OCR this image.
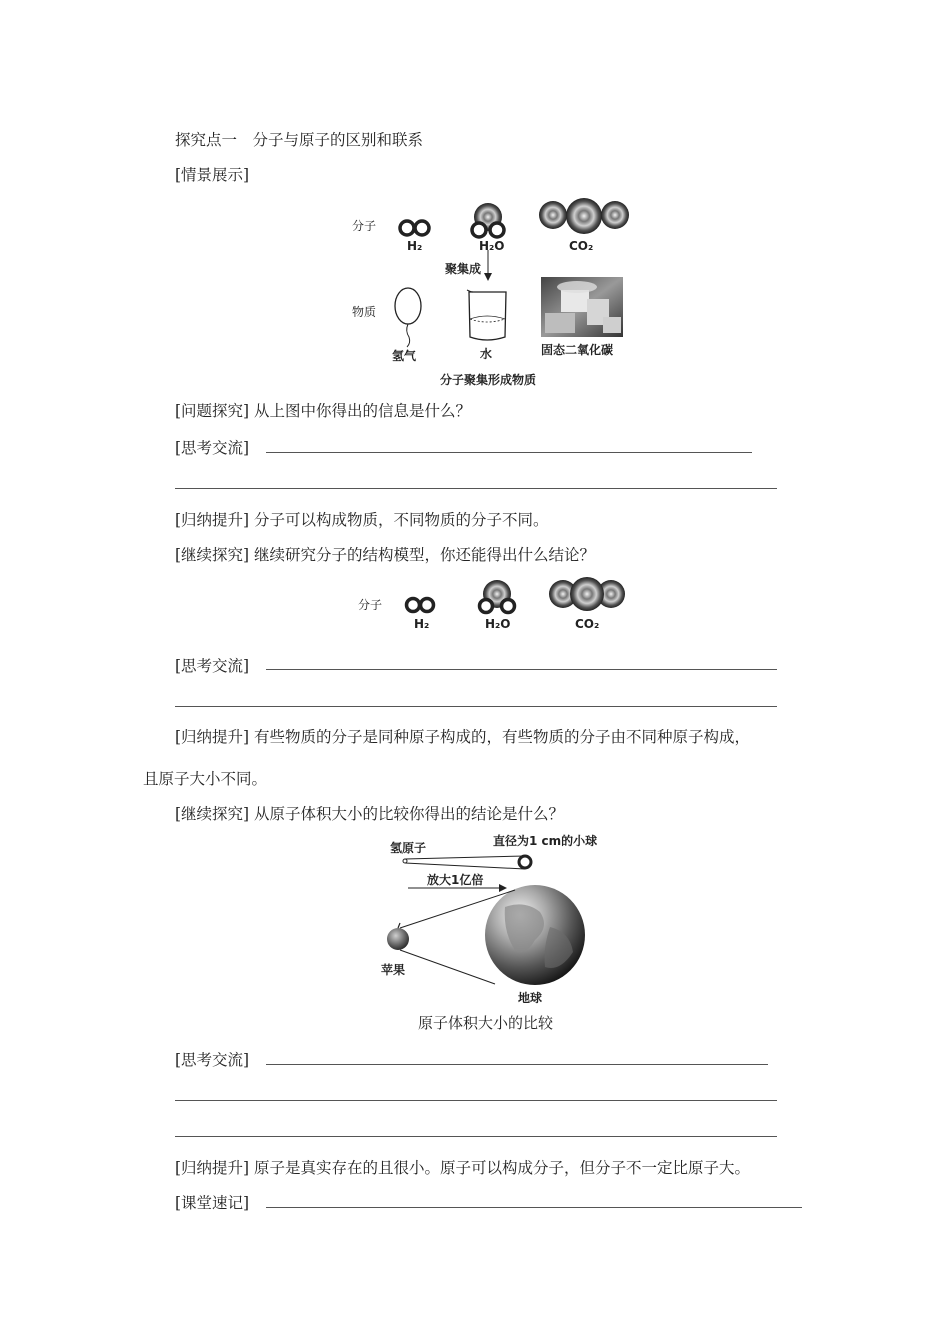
探究点一　分子与原子的区别和联系
[情景展示]
分子
H₂	H₂O	CO₂
聚集成
物质
氢气	水	固态二氧化碳
分子聚集形成物质
[问题探究] 从上图中你得出的信息是什么？
[思考交流]
[归纳提升] 分子可以构成物质，不同物质的分子不同。
[继续探究] 继续研究分子的结构模型，你还能得出什么结论？
分子
H₂	H₂O	CO₂
[思考交流]
[归纳提升] 有些物质的分子是同种原子构成的，有些物质的分子由不同种原子构成，
且原子大小不同。
[继续探究] 从原子体积大小的比较你得出的结论是什么？
氢原子	直径为1 cm的小球
放大1亿倍
苹果
地球
原子体积大小的比较
[思考交流]
[归纳提升] 原子是真实存在的且很小。原子可以构成分子，但分子不一定比原子大。
[课堂速记]
